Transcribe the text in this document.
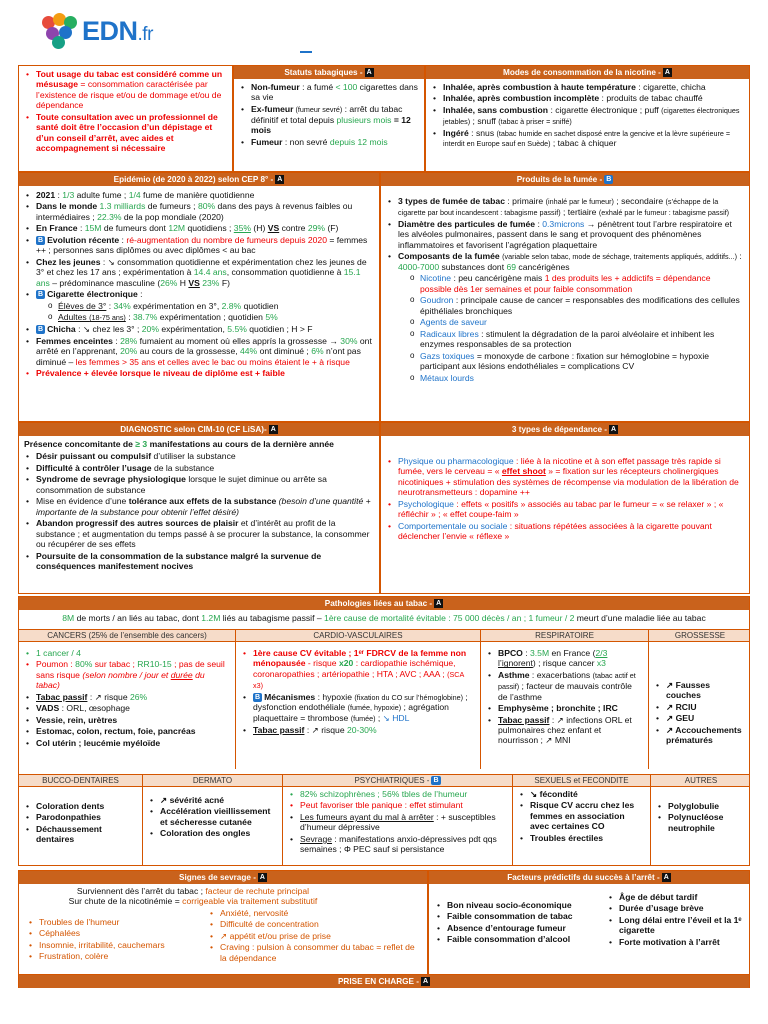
EDN.fr
• Tout usage du tabac est considéré comme un mésusage = consommation caractérisée par l’existence de risque et/ou de dommage et/ou de dépendance
• Toute consultation avec un professionnel de santé doit être l’occasion d’un dépistage et d’un conseil d’arrêt, avec aides et accompagnement si nécessaire
Statuts tabagiques - A
• Non-fumeur : a fumé < 100 cigarettes dans sa vie
• Ex-fumeur (fumeur sevré) : arrêt du tabac définitif et total depuis plusieurs mois = 12 mois
• Fumeur : non sevré depuis 12 mois
Modes de consommation de la nicotine - A
• Inhalée, après combustion à haute température : cigarette, chicha
• Inhalée, après combustion incomplète : produits de tabac chauffé
• Inhalée, sans combustion : cigarette électronique ; puff (cigarettes électroniques jetables) ; snuff (tabac à priser = sniffé)
• Ingéré : snus (tabac humide en sachet disposé entre la gencive et la lèvre supérieure = interdit en Europe sauf en Suède) ; tabac à chiquer
Epidémio (de 2020 à 2022) selon CEP 8° - A
• 2021 : 1/3 adulte fume ; 1/4 fume de manière quotidienne
• Dans le monde 1.3 milliards de fumeurs ; 80% dans des pays à revenus faibles ou intermédiaires ; 22.3% de la pop mondiale (2020)
• En France : 15M de fumeurs dont 12M quotidiens ; 35% (H) VS contre 29% (F)
• B Evolution récente : ré-augmentation du nombre de fumeurs depuis 2020 = femmes ++ ; personnes sans diplômes ou avec diplômes < au bac
• Chez les jeunes : ↘ consommation quotidienne et expérimentation chez les jeunes de 3° et chez les 17 ans ; expérimentation à 14.4 ans, consommation quotidienne à 15.1 ans – prédominance masculine (26% H VS 23% F)
• B Cigarette électronique :
o Élèves de 3° : 34% expérimentation en 3°, 2.8% quotidien
o Adultes (18-75 ans) : 38.7% expérimentation ; quotidien 5%
• B Chicha : ↘ chez les 3° ; 20% expérimentation, 5.5% quotidien ; H > F
• Femmes enceintes : 28% fumaient au moment où elles apprís la grossesse → 30% ont arrêté en l’apprenant, 20% au cours de la grossesse, 44% ont diminué ; 6% n’ont pas diminué – les femmes > 35 ans et celles avec le bac ou moins étaient le + à risque
• Prévalence + élevée lorsque le niveau de diplôme est + faible
Produits de la fumée - B
• 3 types de fumée de tabac : primaire (inhalé par le fumeur) ; secondaire (s’échappe de la cigarette par bout incandescent : tabagisme passif) ; tertiaire (exhalé par le fumeur : tabagisme passif)
• Diamètre des particules de fumée : 0.3microns → pénètrent tout l’arbre respiratoire et les alvéoles pulmonaires, passent dans le sang et provoquent des phénomènes inflammatoires et favorisent l’agrégation plaquettaire
• Composants de la fumée (variable selon tabac, mode de séchage, traitements appliqués, additifs...) : 4000-7000 substances dont 69 cancérigènes
o Nicotine : peu cancérigène mais 1 des produits les + addictifs = dépendance possible dès 1er semaines et pour faible consommation
o Goudron : principale cause de cancer = responsables des modifications des cellules épithéliales bronchiques
o Agents de saveur
o Radicaux libres : stimulent la dégradation de la paroi alvéolaire et inhibent les enzymes responsables de sa protection
o Gazs toxiques = monoxyde de carbone : fixation sur hémoglobine = hypoxie participant aux lésions endothéliales = complications CV
o Métaux lourds
DIAGNOSTIC selon CIM-10 (CF LiSA)- A
Présence concomitante de ≥ 3 manifestations au cours de la dernière année
• Désir puissant ou compulsif d’utiliser la substance
• Difficulté à contrôler l’usage de la substance
• Syndrome de sevrage physiologique lorsque le sujet diminue ou arrête sa consommation de substance
• Mise en évidence d’une tolérance aux effets de la substance (besoin d’une quantité + importante de la substance pour obtenir l’effet désiré)
• Abandon progressif des autres sources de plaisir et d’intérêt au profit de la substance ; et augmentation du temps passé à se procurer la substance, la consommer ou récupérer de ses effets
• Poursuite de la consommation de la substance malgré la survenue de conséquences manifestement nocives
3 types de dépendance - A
• Physique ou pharmacologique : liée à la nicotine et à son effet passage très rapide si fumée, vers le cerveau = « effet shoot » = fixation sur les récepteurs cholinergiques nicotiniques + stimulation des systèmes de récompense via modulation de la libération de neurotransmetteurs : dopamine ++
• Psychologique : effets « positifs » associés au tabac par le fumeur = « se relaxer » ; « réfléchir » ; « effet coupe-faim »
• Comportementale ou sociale : situations répétées associées à la cigarette pouvant déclencher l’envie « réflexe »
Pathologies liées au tabac - A
8M de morts / an liés au tabac, dont 1.2M liés au tabagisme passif – 1ère cause de mortalité évitable : 75 000 décès / an ; 1 fumeur / 2 meurt d’une maladie liée au tabac
CANCERS (25% de l’ensemble des cancers)
• 1 cancer / 4
• Poumon : 80% sur tabac ; RR10-15 ; pas de seuil sans risque (selon nombre / jour et durée du tabac)
• Tabac passif : ↗ risque 26%
• VADS : ORL, œsophage
• Vessie, rein, urètres
• Estomac, colon, rectum, foie, pancréas
• Col utérin ; leucémie myéloïde
CARDIO-VASCULAIRES
• 1ère cause CV évitable ; 1ᵉʳ FDRCV de la femme non ménopausée - risque x20 : cardiopathie ischémique, coronaropathies ; artériopathie ; HTA ; AVC ; AAA ; (SCA x3)
• B Mécanismes : hypoxie (fixation du CO sur l’hémoglobine) ; dysfonction endothéliale (fumée, hypoxie) ; agrégation plaquettaire = thrombose (fumée) ; ↘ HDL
• Tabac passif : ↗ risque 20-30%
RESPIRATOIRE
• BPCO : 3.5M en France (2/3 l’ignorent) ; risque cancer x3
• Asthme : exacerbations (tabac actif et passif) ; facteur de mauvais contrôle de l’asthme
• Emphysème ; bronchite ; IRC
• Tabac passif : ↗ infections ORL et pulmonaires chez enfant et nourrisson ; ↗ MNI
GROSSESSE
• ↗ Fausses couches
• ↗ RCIU
• ↗ GEU
• ↗ Accouchements prématurés
BUCCO-DENTAIRES
• Coloration dents
• Parodonpathies
• Déchaussement dentaires
DERMATO
• ↗ sévérité acné
• Accélération vieillissement et sécheresse cutanée
• Coloration des ongles
PSYCHIATRIQUES - B
• 82% schizophrènes ; 56% tbles de l’humeur
• Peut favoriser tble panique : effet stimulant
• Les fumeurs ayant du mal à arrêter : + susceptibles d’humeur dépressive
• Sevrage : manifestations anxio-dépressives pdt qqs semaines ; Φ PEC sauf si persistance
SEXUELS et FECONDITE
• ↘ fécondité
• Risque CV accru chez les femmes en association avec certaines CO
• Troubles érectiles
AUTRES
• Polyglobulie
• Polynucléose neutrophile
Signes de sevrage - A
Surviennent dès l’arrêt du tabac ; facteur de rechute principal
Sur chute de la nicotinémie = corrigeable via traitement substitutif
• Troubles de l’humeur
• Céphalées
• Insomnie, irritabilité, cauchemars
• Frustration, colère
• Anxiété, nervosité
• Difficulté de concentration
• ↗ appétit et/ou prise de prise
• Craving : pulsion à consommer du tabac = reflet de la dépendance
Facteurs prédictifs du succès à l’arrêt - A
• Bon niveau socio-économique
• Faible consommation de tabac
• Absence d’entourage fumeur
• Faible consommation d’alcool
• Âge de début tardif
• Durée d’usage brève
• Long délai entre l’éveil et la 1ᵉ cigarette
• Forte motivation à l’arrêt
PRISE EN CHARGE - A
